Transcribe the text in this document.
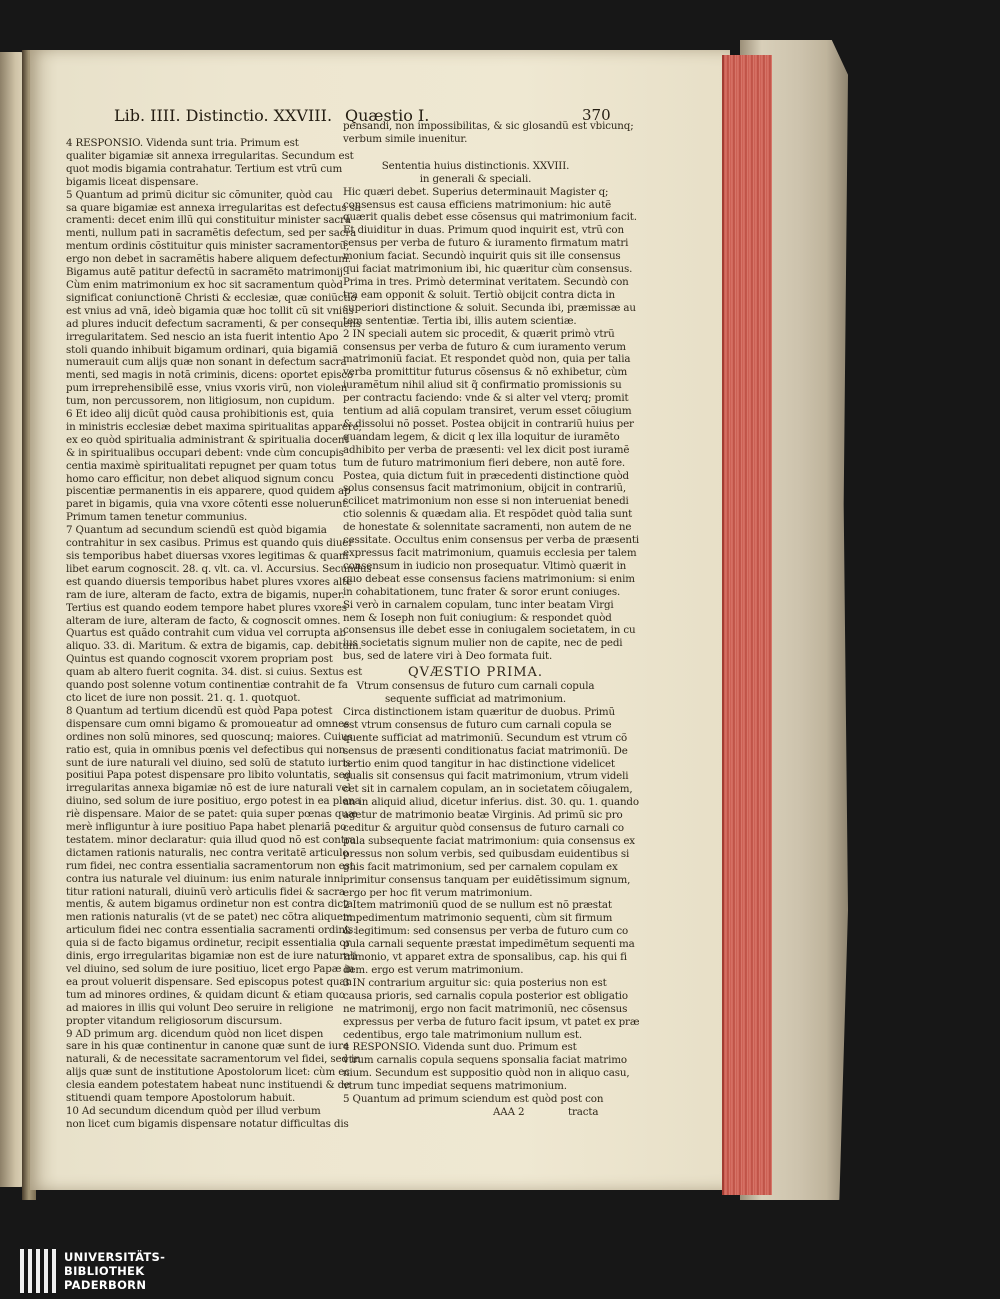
Lib. IIII. Distinctio. XXVIII. Quæstio I.	370

4 RESPONSIO. Videnda sunt tria. Primum est

qualiter bigamiæ sit annexa irregularitas. Secundum est

quot modis bigamia contrahatur. Tertium est vtrũ cum

bigamis liceat dispensare.

5 Quantum ad primũ dicitur sic cõmuniter, quòd cau

sa quare bigamiæ est annexa irregularitas est defectus sa

cramenti: decet enim illũ qui constituitur minister sacra

menti, nullum pati in sacramẽtis defectum, sed per sacra

mentum ordinis cõstituitur quis minister sacramentorũ,

ergo non debet in sacramẽtis habere aliquem defectum.

Bigamus autẽ patitur defectũ in sacramẽto matrimonij.

Cùm enim matrimonium ex hoc sit sacramentum quòd

significat coniunctionẽ Christi & ecclesiæ, quæ coniũctio

est vnius ad vnã, ideò bigamia quæ hoc tollit cũ sit vnius

ad plures inducit defectum sacramenti, & per consequens

irregularitatem. Sed nescio an ista fuerit intentio Apo

stoli quando inhibuit bigamum ordinari, quia bigamiã

numerauit cum alijs quæ non sonant in defectum sacra

menti, sed magis in notã criminis, dicens: oportet episco

pum irreprehensibilẽ esse, vnius vxoris virũ, non violen

tum, non percussorem, non litigiosum, non cupidum.

6 Et ideo alij dicũt quòd causa prohibitionis est, quia

in ministris ecclesiæ debet maxima spiritualitas apparere,

ex eo quòd spiritualia administrant & spiritualia docent

& in spiritualibus occupari debent: vnde cùm concupis

centia maximè spiritualitati repugnet per quam totus

homo caro efficitur, non debet aliquod signum concu

piscentiæ permanentis in eis apparere, quod quidem ap

paret in bigamis, quia vna vxore cõtenti esse noluerunt.

Primum tamen tenetur communius.

7 Quantum ad secundum sciendũ est quòd bigamia

contrahitur in sex casibus. Primus est quando quis diuer

sis temporibus habet diuersas vxores legitimas & quam

libet earum cognoscit. 28. q. vlt. ca. vl. Accursius. Secundus

est quando diuersis temporibus habet plures vxores alte

ram de iure, alteram de facto, extra de bigamis, nuper.

Tertius est quando eodem tempore habet plures vxores

alteram de iure, alteram de facto, & cognoscit omnes.

Quartus est quãdo contrahit cum vidua vel corrupta ab

aliquo. 33. di. Maritum. & extra de bigamis, cap. debitum.

Quintus est quando cognoscit vxorem propriam post

quam ab altero fuerit cognita. 34. dist. si cuius. Sextus est

quando post solenne votum continentiæ contrahit de fa

cto licet de iure non possit. 21. q. 1. quotquot.

8 Quantum ad tertium dicendũ est quòd Papa potest

dispensare cum omni bigamo & promoueatur ad omnes

ordines non solũ minores, sed quoscunq; maiores. Cuius

ratio est, quia in omnibus pœnis vel defectibus qui non

sunt de iure naturali vel diuino, sed solũ de statuto iuris

positiui Papa potest dispensare pro libito voluntatis, sed

irregularitas annexa bigamiæ nõ est de iure naturali vel

diuino, sed solum de iure positiuo, ergo potest in ea plena

riè dispensare. Maior de se patet: quia super pœnas quæ

merè infliguntur à iure positiuo Papa habet plenariã po

testatem. minor declaratur: quia illud quod nõ est contra

dictamen rationis naturalis, nec contra veritatẽ articulo

rum fidei, nec contra essentialia sacramentorum non est

contra ius naturale vel diuinum: ius enim naturale inni

titur rationi naturali, diuinũ verò articulis fidei & sacra

mentis, & autem bigamus ordinetur non est contra dicta

men rationis naturalis (vt de se patet) nec cõtra aliquem

articulum fidei nec contra essentialia sacramenti ordinis:

quia si de facto bigamus ordinetur, recipit essentialia or

dinis, ergo irregularitas bigamiæ non est de iure naturali

vel diuino, sed solum de iure positiuo, licet ergo Papæ in

ea prout voluerit dispensare. Sed episcopus potest quan

tum ad minores ordines, & quidam dicunt & etiam quo

ad maiores in illis qui volunt Deo seruire in religione

propter vitandum religiosorum discursum.

9 AD primum arg. dicendum quòd non licet dispen

sare in his quæ continentur in canone quæ sunt de iure

naturali, & de necessitate sacramentorum vel fidei, sed in

alijs quæ sunt de institutione Apostolorum licet: cùm ec

clesia eandem potestatem habeat nunc instituendi & de

stituendi quam tempore Apostolorum habuit.

10 Ad secundum dicendum quòd per illud verbum

non licet cum bigamis dispensare notatur difficultas dis

pensandi, non impossibilitas, & sic glosandũ est vbicunq;

verbum simile inuenitur.

Sententia huius distinctionis. XXVIII.

in generali & speciali.

Hic quæri debet. Superius determinauit Magister q;

consensus est causa efficiens matrimonium: hic autẽ

quærit qualis debet esse cõsensus qui matrimonium facit.

Et diuiditur in duas. Primum quod inquirit est, vtrũ con

sensus per verba de futuro & iuramento firmatum matri

monium faciat. Secundò inquirit quis sit ille consensus

qui faciat matrimonium ibi, hic quæritur cùm consensus.

Prima in tres. Primò determinat veritatem. Secundò con

tra eam opponit & soluit. Tertiò obijcit contra dicta in

superiori distinctione & soluit. Secunda ibi, præmissæ au

tem sententiæ. Tertia ibi, illis autem scientiæ.

2 IN speciali autem sic procedit, & quærit primò vtrũ

consensus per verba de futuro & cum iuramento verum

matrimoniũ faciat. Et respondet quòd non, quia per talia

verba promittitur futurus cõsensus & nõ exhibetur, cùm

iuramẽtum nihil aliud sit q̃ confirmatio promissionis su

per contractu faciendo: vnde & si alter vel vterq; promit

tentium ad aliã copulam transiret, verum esset cõiugium

& dissolui nõ posset. Postea obijcit in contrariũ huius per

quandam legem, & dicit q lex illa loquitur de iuramẽto

adhibito per verba de præsenti: vel lex dicit post iuramẽ

tum de futuro matrimonium fieri debere, non autẽ fore.

Postea, quia dictum fuit in præcedenti distinctione quòd

solus consensus facit matrimonium, obijcit in contrariũ,

scilicet matrimonium non esse si non interueniat benedi

ctio solennis & quædam alia. Et respõdet quòd talia sunt

de honestate & solennitate sacramenti, non autem de ne

cessitate. Occultus enim consensus per verba de præsenti

expressus facit matrimonium, quamuis ecclesia per talem

consensum in iudicio non prosequatur. Vltimò quærit in

quo debeat esse consensus faciens matrimonium: si enim

in cohabitationem, tunc frater & soror erunt coniuges.

Si verò in carnalem copulam, tunc inter beatam Virgi

nem & Ioseph non fuit coniugium: & respondet quòd

consensus ille debet esse in coniugalem societatem, in cu

ius societatis signum mulier non de capite, nec de pedi

bus, sed de latere viri à Deo formata fuit.

QVÆSTIO PRIMA.

Vtrum consensus de futuro cum carnali copula

sequente sufficiat ad matrimonium.

Circa distinctionem istam quæritur de duobus. Primũ

est vtrum consensus de futuro cum carnali copula se

quente sufficiat ad matrimoniũ. Secundum est vtrum cõ

sensus de præsenti conditionatus faciat matrimoniũ. De

tertio enim quod tangitur in hac distinctione videlicet

qualis sit consensus qui facit matrimonium, vtrum videli

cet sit in carnalem copulam, an in societatem cõiugalem,

an in aliquid aliud, dicetur inferius. dist. 30. qu. 1. quando

agetur de matrimonio beatæ Virginis. Ad primũ sic pro

ceditur & arguitur quòd consensus de futuro carnali co

pula subsequente faciat matrimonium: quia consensus ex

pressus non solum verbis, sed quibusdam euidentibus si

gnis facit matrimonium, sed per carnalem copulam ex

primitur consensus tanquam per euidẽtissimum signum,

ergo per hoc fit verum matrimonium.

2 Item matrimoniũ quod de se nullum est nõ præstat

impedimentum matrimonio sequenti, cùm sit firmum

& legitimum: sed consensus per verba de futuro cum co

pula carnali sequente præstat impedimẽtum sequenti ma

trimonio, vt apparet extra de sponsalibus, cap. his qui fi

dem. ergo est verum matrimonium.

3 IN contrarium arguitur sic: quia posterius non est

causa prioris, sed carnalis copula posterior est obligatio

ne matrimonij, ergo non facit matrimoniũ, nec cõsensus

expressus per verba de futuro facit ipsum, vt patet ex præ

cedentibus, ergo tale matrimonium nullum est.

4 RESPONSIO. Videnda sunt duo. Primum est

vtrum carnalis copula sequens sponsalia faciat matrimo

nium. Secundum est suppositio quòd non in aliquo casu,

vtrum tunc impediat sequens matrimonium.

5 Quantum ad primum sciendum est quòd post con

AAA 2	tracta

UNIVERSITÄTS-
BIBLIOTHEK
PADERBORN
